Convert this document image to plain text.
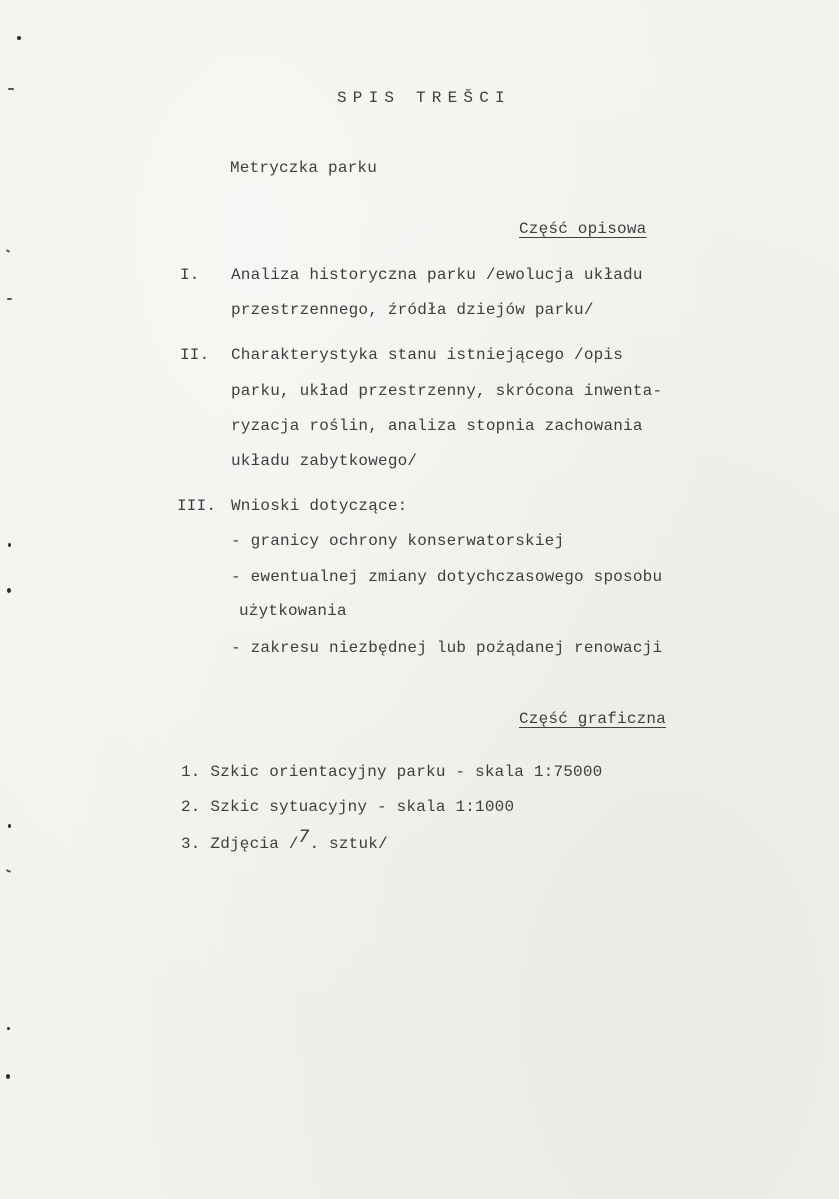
SPIS TREŠCI
Metryczka parku
Część opisowa
I. Analiza historyczna parku /ewolucja układu
przestrzennego, źródła dziejów parku/
II. Charakterystyka stanu istniejącego /opis
parku, układ przestrzenny, skrócona inwenta-
ryzacja roślin, analiza stopnia zachowania
układu zabytkowego/
III. Wnioski dotyczące:
- granicy ochrony konserwatorskiej
- ewentualnej zmiany dotychczasowego sposobu
użytkowania
- zakresu niezbędnej lub pożądanej renowacji
Część graficzna
1. Szkic orientacyjny parku - skala 1:75000
2. Szkic sytuacyjny - skala 1:1000
3. Zdjęcia /7. sztuk/
